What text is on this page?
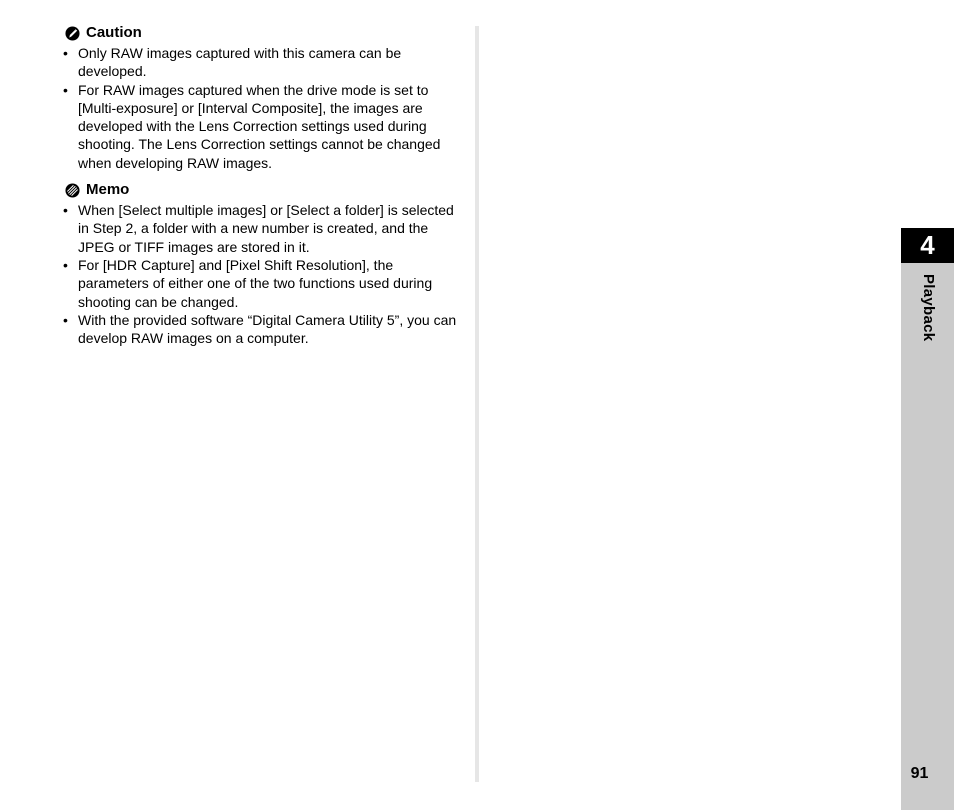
Caution
• Only RAW images captured with this camera can be developed.
• For RAW images captured when the drive mode is set to [Multi-exposure] or [Interval Composite], the images are developed with the Lens Correction settings used during shooting. The Lens Correction settings cannot be changed when developing RAW images.
Memo
• When [Select multiple images] or [Select a folder] is selected in Step 2, a folder with a new number is created, and the JPEG or TIFF images are stored in it.
• For [HDR Capture] and [Pixel Shift Resolution], the parameters of either one of the two functions used during shooting can be changed.
• With the provided software “Digital Camera Utility 5”, you can develop RAW images on a computer.
4
Playback
91
